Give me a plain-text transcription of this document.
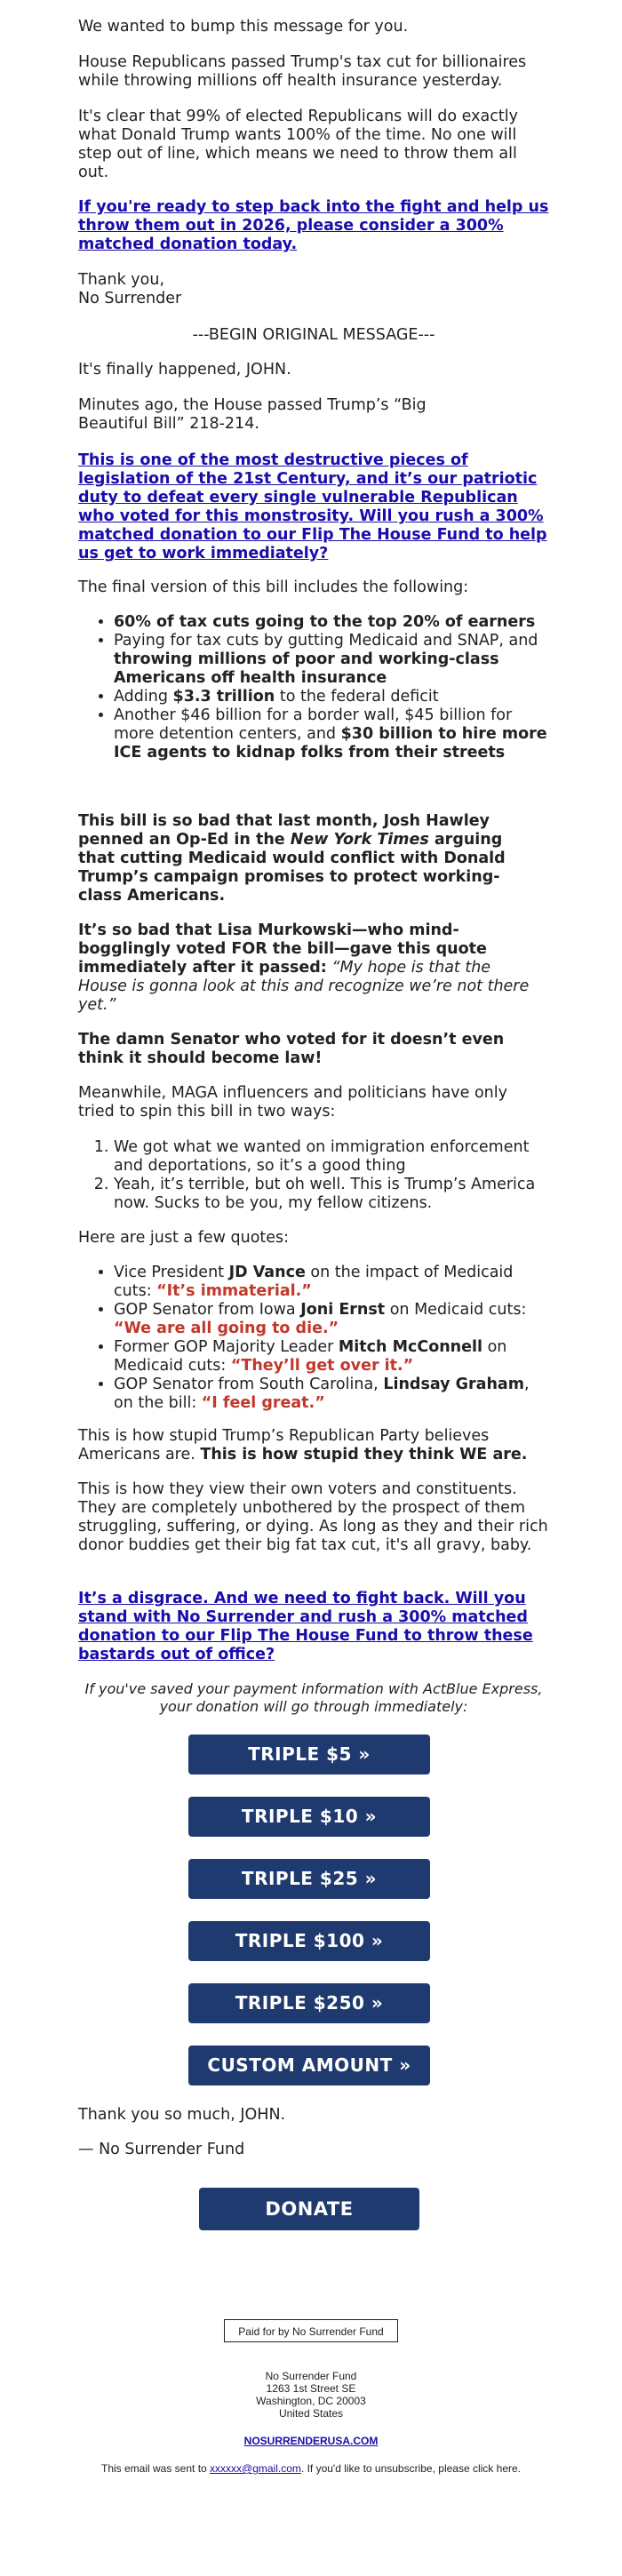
We wanted to bump this message for you.

House Republicans passed Trump's tax cut for billionaires while throwing millions off health insurance yesterday.

It's clear that 99% of elected Republicans will do exactly what Donald Trump wants 100% of the time. No one will step out of line, which means we need to throw them all out.

If you're ready to step back into the fight and help us throw them out in 2026, please consider a 300% matched donation today.

Thank you,

No Surrender

---BEGIN ORIGINAL MESSAGE---

It's finally happened, JOHN.

Minutes ago, the House passed Trump’s “Big Beautiful Bill” 218-214.

This is one of the most destructive pieces of legislation of the 21st Century, and it’s our patriotic duty to defeat every single vulnerable Republican who voted for this monstrosity. Will you rush a 300% matched donation to our Flip The House Fund to help us get to work immediately?

The final version of this bill includes the following:

• 60% of tax cuts going to the top 20% of earners
• Paying for tax cuts by gutting Medicaid and SNAP, and throwing millions of poor and working-class Americans off health insurance
• Adding $3.3 trillion to the federal deficit
• Another $46 billion for a border wall, $45 billion for more detention centers, and $30 billion to hire more ICE agents to kidnap folks from their streets

This bill is so bad that last month, Josh Hawley penned an Op-Ed in the New York Times arguing that cutting Medicaid would conflict with Donald Trump’s campaign promises to protect working-class Americans.

It’s so bad that Lisa Murkowski—who mind-bogglingly voted FOR the bill—gave this quote immediately after it passed: “My hope is that the House is gonna look at this and recognize we’re not there yet.”

The damn Senator who voted for it doesn’t even think it should become law!

Meanwhile, MAGA influencers and politicians have only tried to spin this bill in two ways:

1. We got what we wanted on immigration enforcement and deportations, so it’s a good thing
2. Yeah, it’s terrible, but oh well. This is Trump’s America now. Sucks to be you, my fellow citizens.

Here are just a few quotes:

• Vice President JD Vance on the impact of Medicaid cuts: “It’s immaterial.”
• GOP Senator from Iowa Joni Ernst on Medicaid cuts: “We are all going to die.”
• Former GOP Majority Leader Mitch McConnell on Medicaid cuts: “They’ll get over it.”
• GOP Senator from South Carolina, Lindsay Graham, on the bill: “I feel great.”

This is how stupid Trump’s Republican Party believes Americans are. This is how stupid they think WE are.

This is how they view their own voters and constituents. They are completely unbothered by the prospect of them struggling, suffering, or dying. As long as they and their rich donor buddies get their big fat tax cut, it's all gravy, baby.

It’s a disgrace. And we need to fight back. Will you stand with No Surrender and rush a 300% matched donation to our Flip The House Fund to throw these bastards out of office?

If you've saved your payment information with ActBlue Express, your donation will go through immediately:

TRIPLE $5 »
TRIPLE $10 »
TRIPLE $25 »
TRIPLE $100 »
TRIPLE $250 »
CUSTOM AMOUNT »

Thank you so much, JOHN.

— No Surrender Fund

DONATE
Paid for by No Surrender Fund
No Surrender Fund
1263 1st Street SE
Washington, DC 20003
United States
NOSURRENDERUSA.COM
This email was sent to xxxxxx@gmail.com. If you'd like to unsubscribe, please click here.
